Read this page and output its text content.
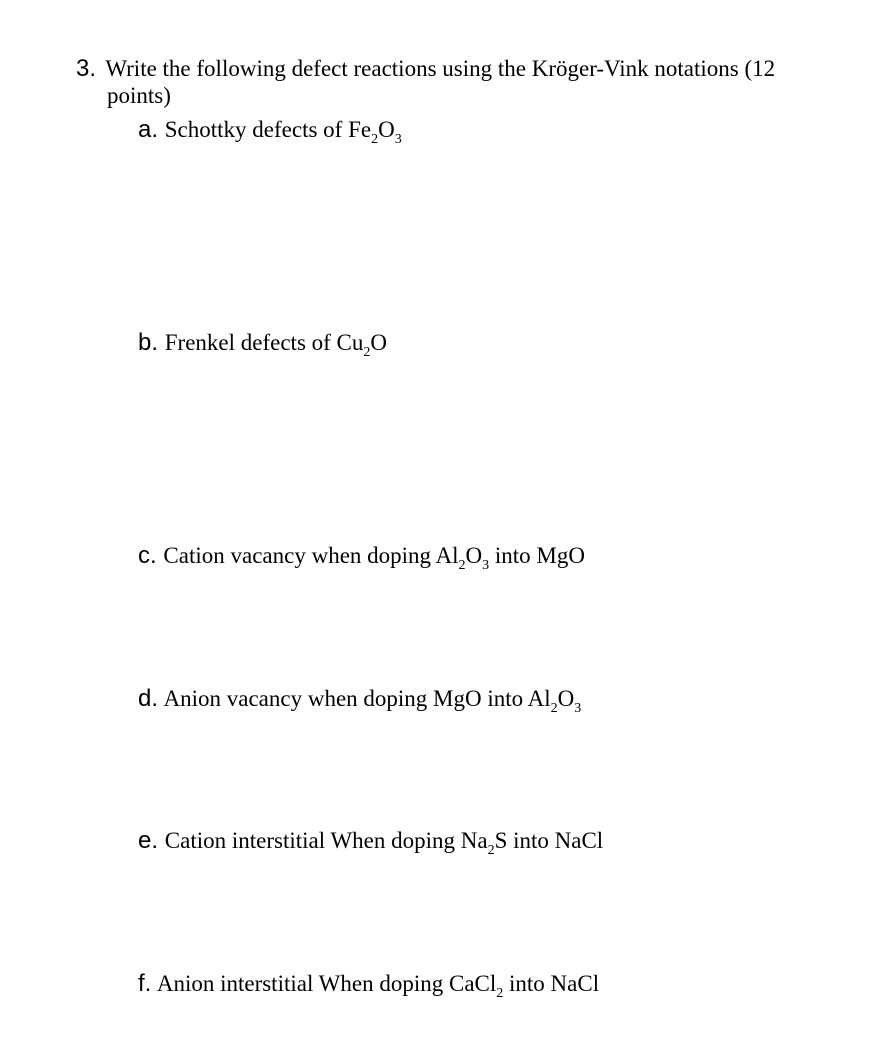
3. Write the following defect reactions using the Kröger-Vink notations (12
points)
a. Schottky defects of $Fe_2O_3$
b. Frenkel defects of $Cu_2O$
c. Cation vacancy when doping $Al_2O_3$ into MgO
d. Anion vacancy when doping MgO into $Al_2O_3$
e. Cation interstitial When doping $Na_2S$ into NaCl
f. Anion interstitial When doping CaCl$_2$ into NaCl
